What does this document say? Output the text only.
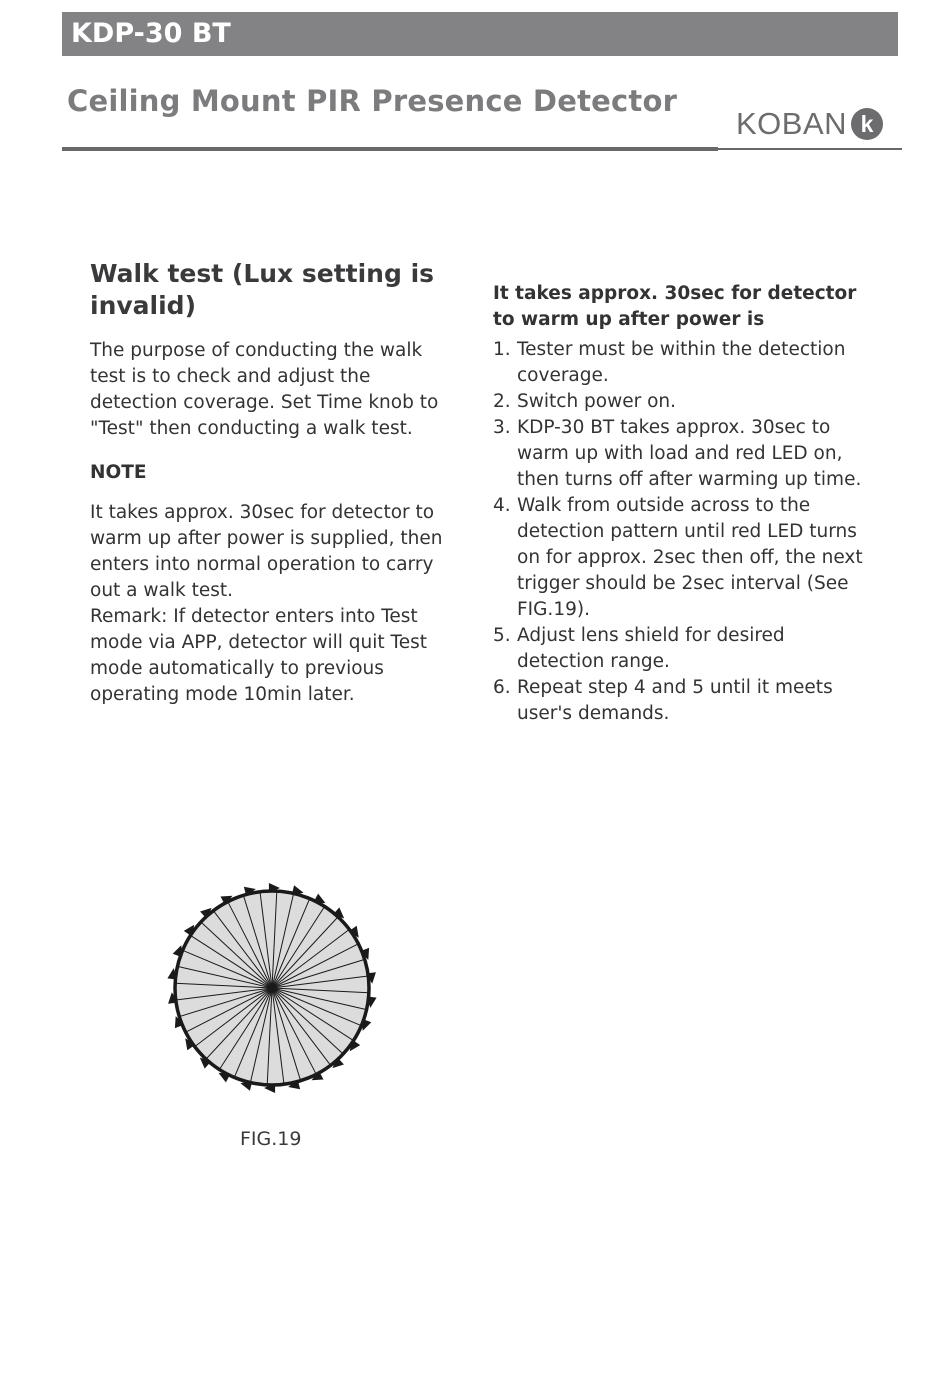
KDP-30 BT
Ceiling Mount PIR Presence Detector
KOBAN k
Walk test (Lux setting is invalid)

The purpose of conducting the walk test is to check and adjust the detection coverage. Set Time knob to "Test" then conducting a walk test.

NOTE

It takes approx. 30sec for detector to warm up after power is supplied, then enters into normal operation to carry out a walk test.

Remark: If detector enters into Test mode via APP, detector will quit Test mode automatically to previous operating mode 10min later.

It takes approx. 30sec for detector to warm up after power is

1. Tester must be within the detection coverage.
2. Switch power on.
3. KDP-30 BT takes approx. 30sec to warm up with load and red LED on, then turns off after warming up time.
4. Walk from outside across to the detection pattern until red LED turns on for approx. 2sec then off, the next trigger should be 2sec interval (See FIG.19).
5. Adjust lens shield for desired detection range.
6. Repeat step 4 and 5 until it meets user's demands.
FIG.19
